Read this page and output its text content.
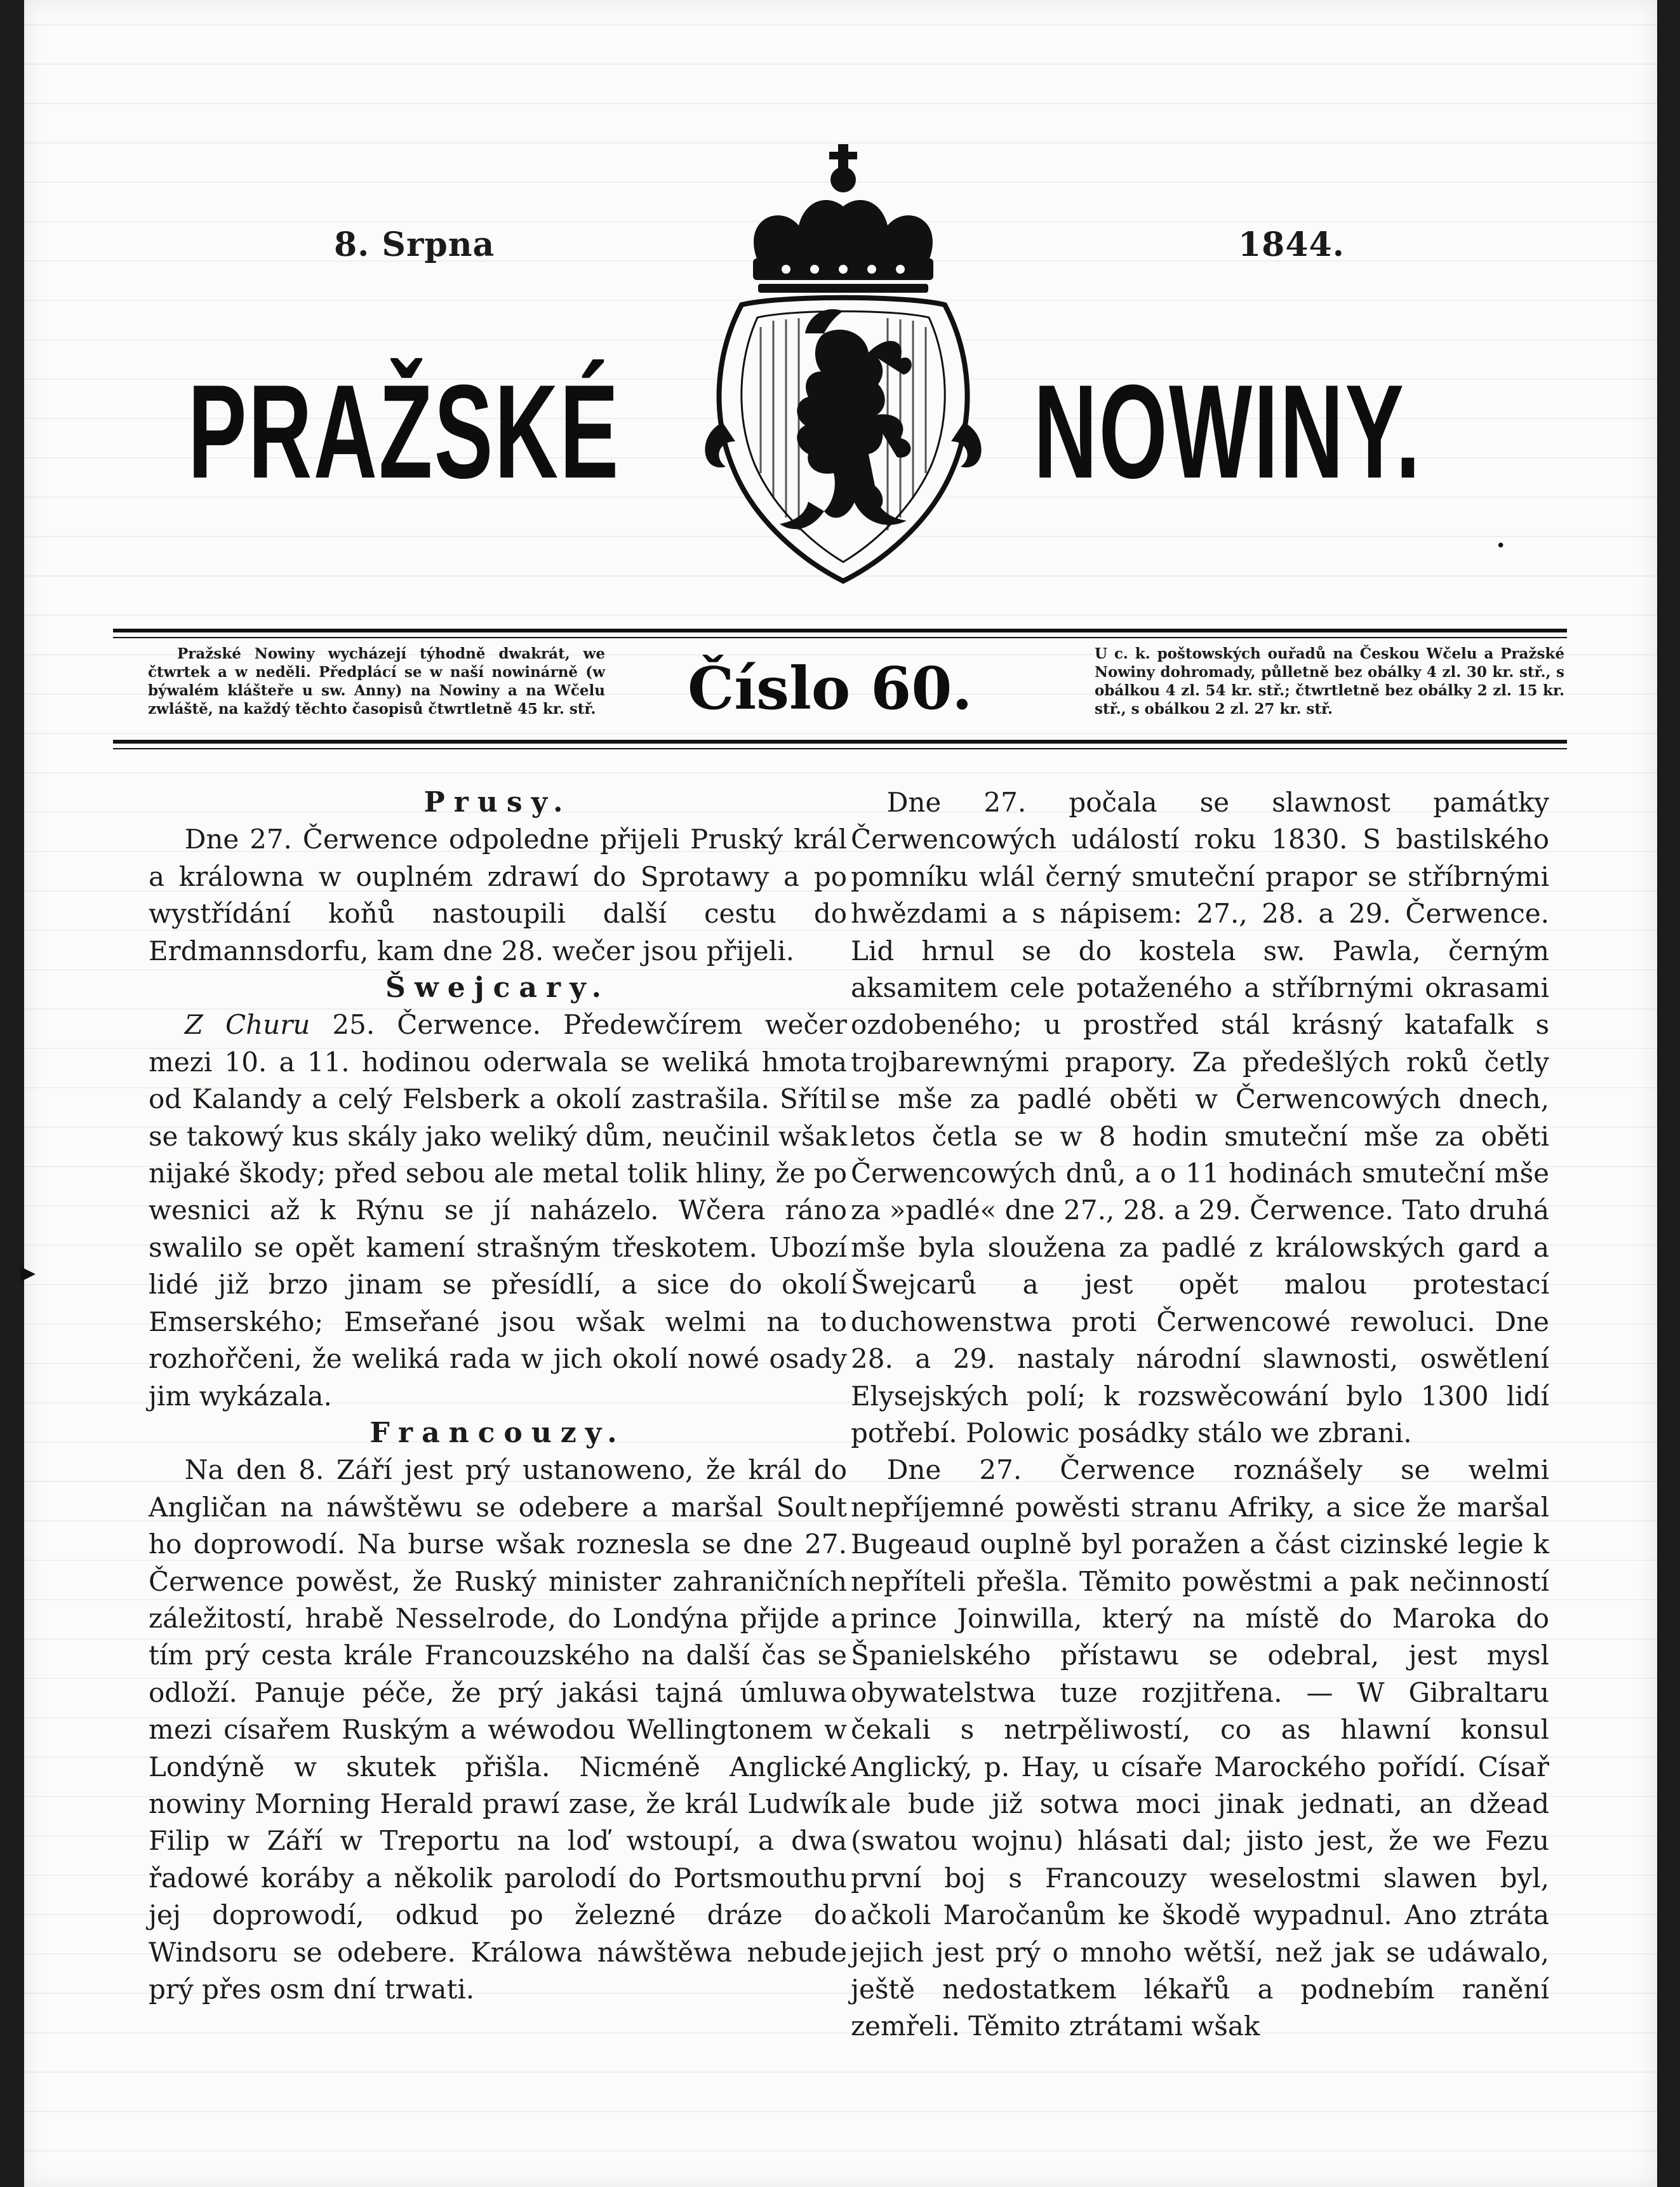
▸
8. Srpna	1844.
PRAŽSKÉ	NOWINY.
•
Pražské Nowiny wycházejí týhodně dwakrát, we čtwrtek a w neděli. Předplácí se w naší nowinárně (w býwalém klášteře u sw. Anny) na Nowiny a na Wčelu zwláště, na každý těchto časopisů čtwrtletně 45 kr. stř. Číslo 60.
U c. k. poštowských ouřadů na Českou Wčelu a Pražské Nowiny dohromady, půlletně bez obálky 4 zl. 30 kr. stř., s obálkou 4 zl. 54 kr. stř.; čtwrtletně bez obálky 2 zl. 15 kr. stř., s obálkou 2 zl. 27 kr. stř.
Prusy.

Dne 27. Čerwence odpoledne přijeli Pruský král a králowna w ouplném zdrawí do Sprotawy a po wystřídání koňů nastoupili další cestu do Erdmannsdorfu, kam dne 28. wečer jsou přijeli.

Šwejcary.

Z Churu 25. Čerwence. Předewčírem wečer mezi 10. a 11. hodinou oderwala se weliká hmota od Kalandy a celý Felsberk a okolí zastrašila. Sřítil se takowý kus skály jako weliký dům, neučinil wšak nijaké škody; před sebou ale metal tolik hliny, že po wesnici až k Rýnu se jí naházelo. Wčera ráno swalilo se opět kamení strašným třeskotem. Ubozí lidé již brzo jinam se přesídlí, a sice do okolí Emserského; Emseřané jsou wšak welmi na to rozhořčeni, že weliká rada w jich okolí nowé osady jim wykázala.

Francouzy.

Na den 8. Září jest prý ustanoweno, že král do Angličan na náwštěwu se odebere a maršal Soult ho doprowodí. Na burse wšak roznesla se dne 27. Čerwence powěst, že Ruský minister zahraničních záležitostí, hrabě Nesselrode, do Londýna přijde a tím prý cesta krále Francouzského na další čas se odloží. Panuje péče, že prý jakási tajná úmluwa mezi císařem Ruským a wéwodou Wellingtonem w Londýně w skutek přišla. Nicméně Anglické nowiny Morning Herald prawí zase, že král Ludwík Filip w Září w Treportu na loď wstoupí, a dwa řadowé koráby a několik parolodí do Portsmouthu jej doprowodí, odkud po železné dráze do Windsoru se odebere. Králowa náwštěwa nebude prý přes osm dní trwati.

Dne 27. počala se slawnost památky Čerwencowých událostí roku 1830. S bastilského pomníku wlál černý smuteční prapor se stříbrnými hwězdami a s nápisem: 27., 28. a 29. Čerwence. Lid hrnul se do kostela sw. Pawla, černým aksamitem cele potaženého a stříbrnými okrasami ozdobeného; u prostřed stál krásný katafalk s trojbarewnými prapory. Za předešlých roků četly se mše za padlé oběti w Čerwencowých dnech, letos četla se w 8 hodin smuteční mše za oběti Čerwencowých dnů, a o 11 hodinách smuteční mše za »padlé« dne 27., 28. a 29. Čerwence. Tato druhá mše byla sloužena za padlé z králowských gard a Šwejcarů a jest opět malou protestací duchowenstwa proti Čerwencowé rewoluci. Dne 28. a 29. nastaly národní slawnosti, oswětlení Elysejských polí; k rozswěcowání bylo 1300 lidí potřebí. Polowic posádky stálo we zbrani.

Dne 27. Čerwence roznášely se welmi nepříjemné powěsti stranu Afriky, a sice že maršal Bugeaud ouplně byl poražen a část cizinské legie k nepříteli přešla. Těmito powěstmi a pak nečinností prince Joinwilla, který na místě do Maroka do Španielského přístawu se odebral, jest mysl obywatelstwa tuze rozjitřena. — W Gibraltaru čekali s netrpěliwostí, co as hlawní konsul Anglický, p. Hay, u císaře Marockého pořídí. Císař ale bude již sotwa moci jinak jednati, an džead (swatou wojnu) hlásati dal; jisto jest, že we Fezu první boj s Francouzy weselostmi slawen byl, ačkoli Maročanům ke škodě wypadnul. Ano ztráta jejich jest prý o mnoho wětší, než jak se udáwalo, ještě nedostatkem lékařů a podnebím ranění zemřeli. Těmito ztrátami wšak
